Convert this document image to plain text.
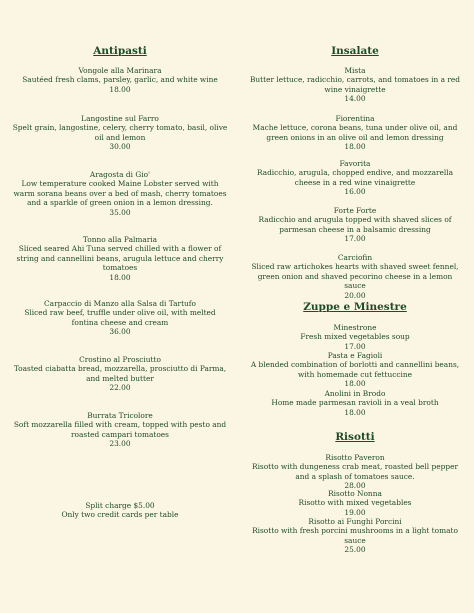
Antipasti
Vongole alla Marinara
Sautéed fresh clams, parsley, garlic, and white wine
18.00
Langostine sul Farro
Spelt grain, langostine, celery, cherry tomato, basil, olive oil and lemon
30.00
Aragosta di Gio'
Low temperature cooked Maine Lobster served with warm sorana beans over a bed of mash, cherry tomatoes and a sparkle of green onion in a lemon dressing.
35.00
Tonno alla Palmaria
Sliced seared Ahi Tuna served chilled with a flower of string and cannellini beans, arugula lettuce and cherry tomatoes
18.00
Carpaccio di Manzo alla Salsa di Tartufo
Sliced raw beef, truffle under olive oil, with melted fontina cheese and cream
36.00
Crostino al Prosciutto
Toasted ciabatta bread, mozzarella, prosciutto di Parma, and melted butter
22.00
Burrata Tricolore
Soft mozzarella filled with cream, topped with pesto and roasted campari tomatoes
23.00
Split charge $5.00
Only two credit cards per table
Insalate
Mista
Butter lettuce, radicchio, carrots, and tomatoes in a red wine vinaigrette
14.00
Fiorentina
Mache lettuce, corona beans, tuna under olive oil, and green onions in an olive oil and lemon dressing
18.00
Favorita
Radicchio, arugula, chopped endive, and mozzarella cheese in a red wine vinaigrette
16.00
Forte Forte
Radicchio and arugula topped with shaved slices of parmesan cheese in a balsamic dressing
17.00
Carciofin
Sliced raw artichokes hearts with shaved sweet fennel, green onion and shaved pecorino cheese in a lemon sauce
20.00
Zuppe e Minestre
Minestrone
Fresh mixed vegetables soup
17.00
Pasta e Fagioli
A blended combination of borlotti and cannellini beans, with homemade cut fettuccine
18.00
Anolini in Brodo
Home made parmesan ravioli in a veal broth
18.00
Risotti
Risotto Paveron
Risotto with dungeness crab meat, roasted bell pepper and a splash of tomatoes sauce.
28.00
Risotto Nonna
Risotto with mixed vegetables
19.00
Risotto ai Funghi Porcini
Risotto with fresh porcini mushrooms in a light tomato sauce
25.00
